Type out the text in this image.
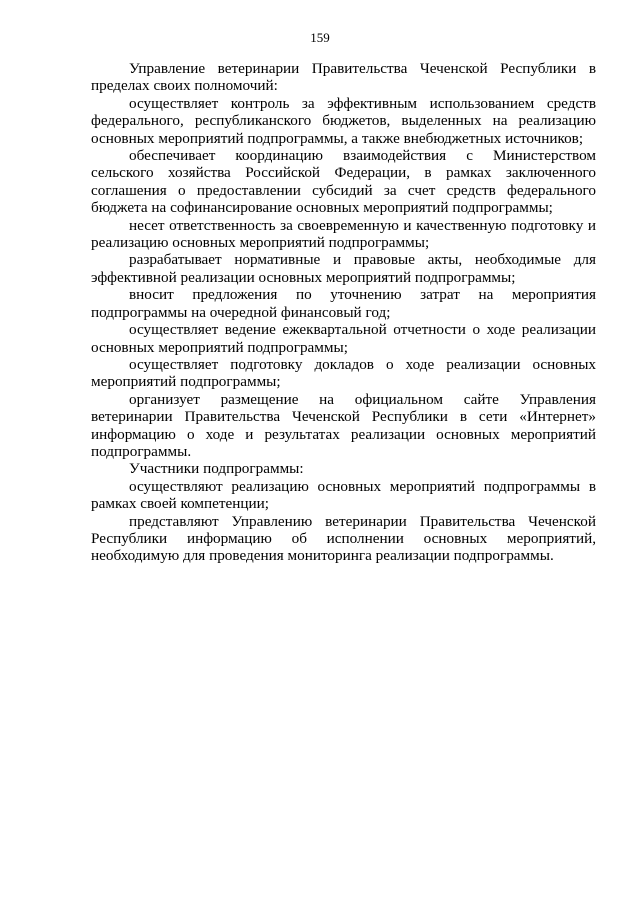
159

Управление ветеринарии Правительства Чеченской Республики в пределах своих полномочий:

осуществляет контроль за эффективным использованием средств федерального, республиканского бюджетов, выделенных на реализацию основных мероприятий подпрограммы, а также внебюджетных источников;

обеспечивает координацию взаимодействия с Министерством сельского хозяйства Российской Федерации, в рамках заключенного соглашения о предоставлении субсидий за счет средств федерального бюджета на софинансирование основных мероприятий подпрограммы;

несет ответственность за своевременную и качественную подготовку и реализацию основных мероприятий подпрограммы;

разрабатывает нормативные и правовые акты, необходимые для эффективной реализации основных мероприятий подпрограммы;

вносит предложения по уточнению затрат на мероприятия подпрограммы на очередной финансовый год;

осуществляет ведение ежеквартальной отчетности о ходе реализации основных мероприятий подпрограммы;

осуществляет подготовку докладов о ходе реализации основных мероприятий подпрограммы;

организует размещение на официальном сайте Управления ветеринарии Правительства Чеченской Республики в сети «Интернет» информацию о ходе и результатах реализации основных мероприятий подпрограммы.

Участники подпрограммы:

осуществляют реализацию основных мероприятий подпрограммы в рамках своей компетенции;

представляют Управлению ветеринарии Правительства Чеченской Республики информацию об исполнении основных мероприятий, необходимую для проведения мониторинга реализации подпрограммы.
